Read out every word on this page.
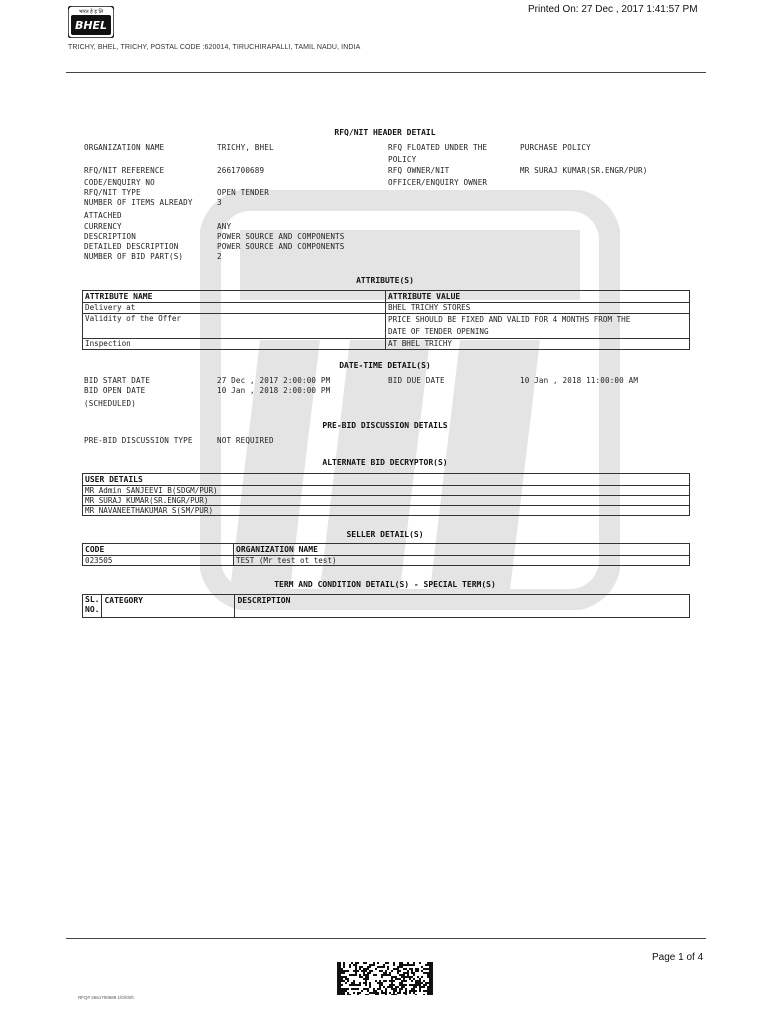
भारत हे इ लि
BHEL
Printed On: 27 Dec , 2017 1:41:57 PM
TRICHY, BHEL, TRICHY, POSTAL CODE :620014, TIRUCHIRAPALLI, TAMIL NADU, INDIA
RFQ/NIT HEADER DETAIL
ORGANIZATION NAME	TRICHY, BHEL	RFQ FLOATED UNDER THE	PURCHASE POLICY
POLICY
RFQ/NIT REFERENCE	2661700689	RFQ OWNER/NIT	MR SURAJ KUMAR(SR.ENGR/PUR)
CODE/ENQUIRY NO	OFFICER/ENQUIRY OWNER
RFQ/NIT TYPE	OPEN TENDER
NUMBER OF ITEMS ALREADY	3
ATTACHED
CURRENCY	ANY
DESCRIPTION	POWER SOURCE AND COMPONENTS
DETAILED DESCRIPTION	POWER SOURCE AND COMPONENTS
NUMBER OF BID PART(S)	2
ATTRIBUTE(S)
ATTRIBUTE NAME	ATTRIBUTE VALUE
Delivery at	BHEL TRICHY STORES
Validity of the Offer	PRICE SHOULD BE FIXED AND VALID FOR 4 MONTHS FROM THE
DATE OF TENDER OPENING
Inspection	AT BHEL TRICHY
DATE-TIME DETAIL(S)
BID START DATE	27 Dec , 2017 2:00:00 PM	BID DUE DATE	10 Jan , 2018 11:00:00 AM
BID OPEN DATE	10 Jan , 2018 2:00:00 PM
(SCHEDULED)
PRE-BID DISCUSSION DETAILS
PRE-BID DISCUSSION TYPE	NOT REQUIRED
ALTERNATE BID DECRYPTOR(S)
USER DETAILS
MR Admin SANJEEVI B(SDGM/PUR)
MR SURAJ KUMAR(SR.ENGR/PUR)
MR NAVANEETHAKUMAR S(SM/PUR)
SELLER DETAIL(S)
CODE	ORGANIZATION NAME
023505	TEST (Mr test ot test)
TERM AND CONDITION DETAIL(S) - SPECIAL TERM(S)
SL.
NO.	CATEGORY	DESCRIPTION
Page 1 of 4
RFQ# 2661700689 1\0\\0\0\
